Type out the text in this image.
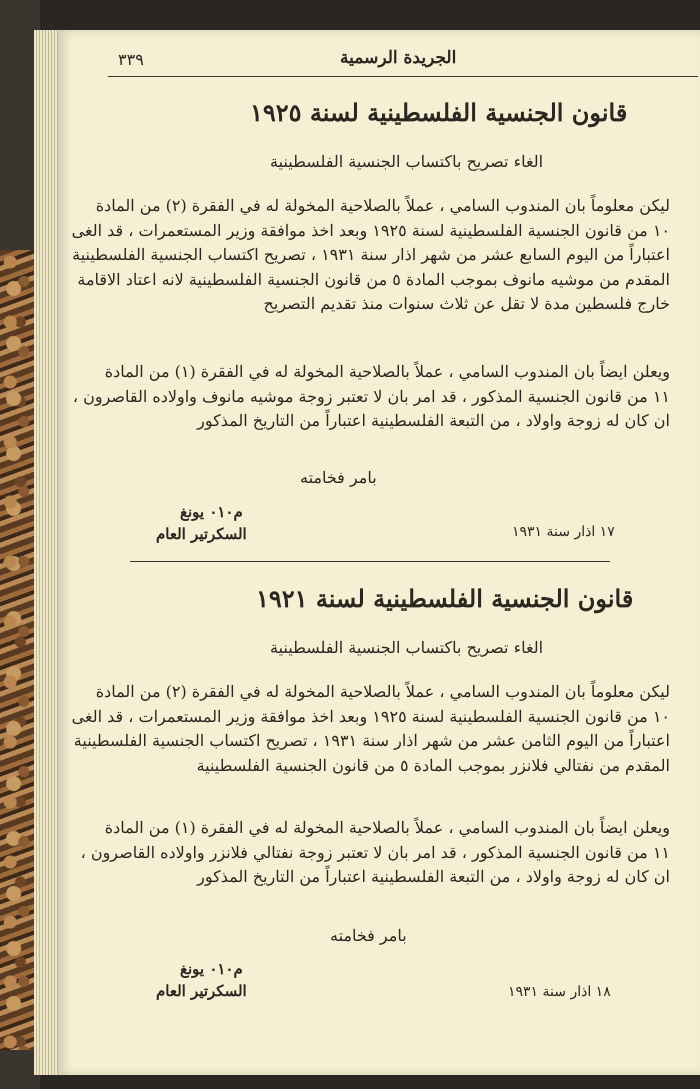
٣٣٩	الجريدة الرسمية
قانون الجنسية الفلسطينية لسنة ١٩٢٥
الغاء تصريح باكتساب الجنسية الفلسطينية
ليكن معلوماً بان المندوب السامي ، عملاً بالصلاحية المخولة له في الفقرة (٢) من المادة
١٠ من قانون الجنسية الفلسطينية لسنة ١٩٢٥ وبعد اخذ موافقة وزير المستعمرات ، قد الغى
اعتباراً من اليوم السابع عشر من شهر اذار سنة ١٩٣١ ، تصريح اكتساب الجنسية الفلسطينية
المقدم من موشيه مانوف بموجب المادة ٥ من قانون الجنسية الفلسطينية لانه اعتاد الاقامة
خارج فلسطين مدة لا تقل عن ثلاث سنوات منذ تقديم التصريح
ويعلن ايضاً بان المندوب السامي ، عملاً بالصلاحية المخولة له في الفقرة (١) من المادة
١١ من قانون الجنسية المذكور ، قد امر بان لا تعتبر زوجة موشيه مانوف واولاده القاصرون ،
ان كان له زوجة واولاد ، من التبعة الفلسطينية اعتباراً من التاريخ المذكور
بامر فخامته
م٠١٠ يونغ
السكرتير العام	١٧ اذار سنة ١٩٣١
قانون الجنسية الفلسطينية لسنة ١٩٢١
الغاء تصريح باكتساب الجنسية الفلسطينية
ليكن معلوماً بان المندوب السامي ، عملاً بالصلاحية المخولة له في الفقرة (٢) من المادة
١٠ من قانون الجنسية الفلسطينية لسنة ١٩٢٥ وبعد اخذ موافقة وزير المستعمرات ، قد الغى
اعتباراً من اليوم الثامن عشر من شهر اذار سنة ١٩٣١ ، تصريح اكتساب الجنسية الفلسطينية
المقدم من نفتالي فلانزر بموجب المادة ٥ من قانون الجنسية الفلسطينية
ويعلن ايضاً بان المندوب السامي ، عملاً بالصلاحية المخولة له في الفقرة (١) من المادة
١١ من قانون الجنسية المذكور ، قد امر بان لا تعتبر زوجة نفتالي فلانزر واولاده القاصرون ،
ان كان له زوجة واولاد ، من التبعة الفلسطينية اعتباراً من التاريخ المذكور
بامر فخامته
م٠١٠ يونغ
السكرتير العام	١٨ اذار سنة ١٩٣١
